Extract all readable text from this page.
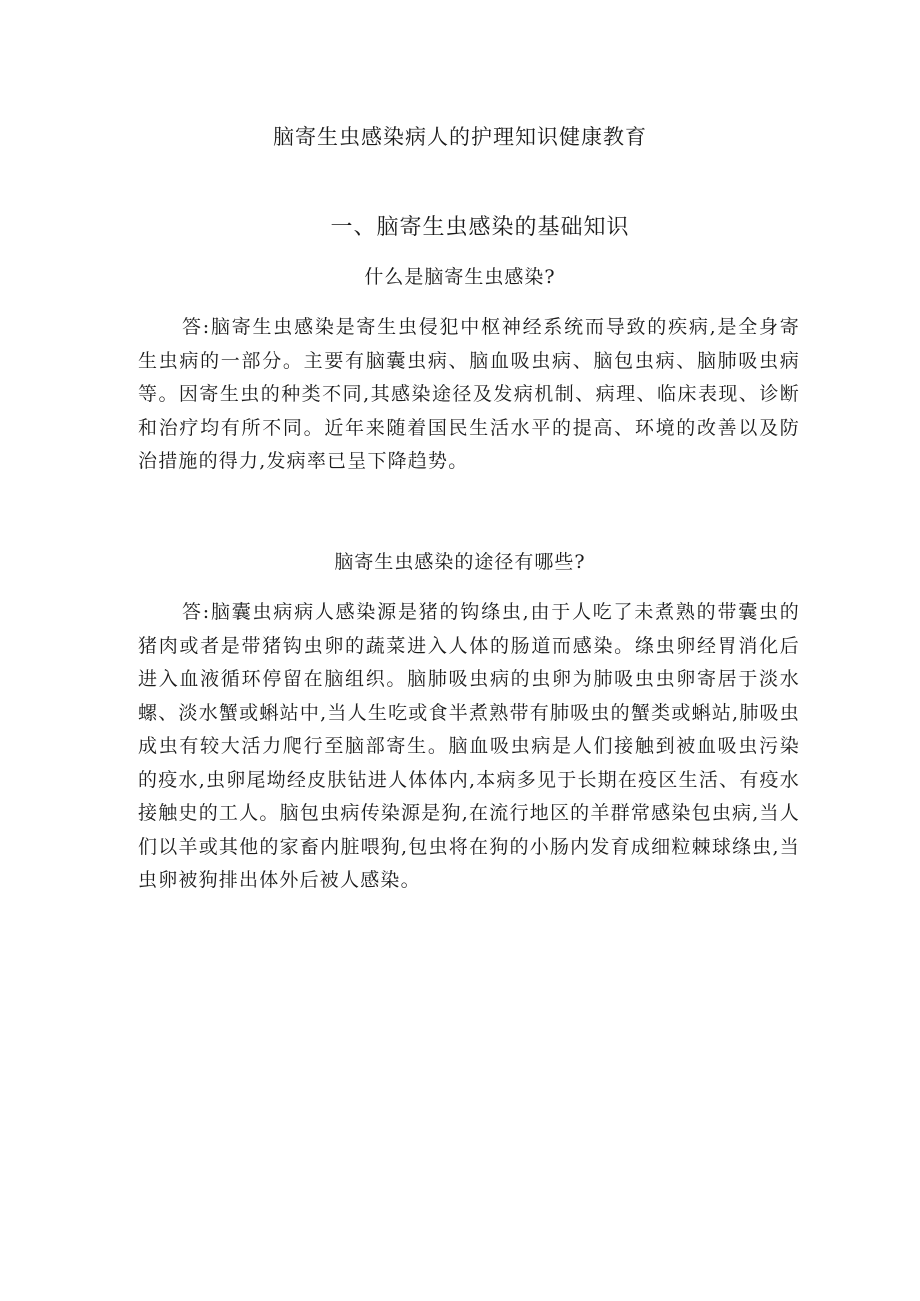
脑寄生虫感染病人的护理知识健康教育
一、脑寄生虫感染的基础知识
什么是脑寄生虫感染?

答:脑寄生虫感染是寄生虫侵犯中枢神经系统而导致的疾病,是全身寄生虫病的一部分。主要有脑囊虫病、脑血吸虫病、脑包虫病、脑肺吸虫病等。因寄生虫的种类不同,其感染途径及发病机制、病理、临床表现、诊断和治疗均有所不同。近年来随着国民生活水平的提高、环境的改善以及防治措施的得力,发病率已呈下降趋势。

脑寄生虫感染的途径有哪些?

答:脑囊虫病病人感染源是猪的钩绦虫,由于人吃了未煮熟的带囊虫的猪肉或者是带猪钩虫卵的蔬菜进入人体的肠道而感染。绦虫卵经胃消化后进入血液循环停留在脑组织。脑肺吸虫病的虫卵为肺吸虫虫卵寄居于淡水螺、淡水蟹或蝌站中,当人生吃或食半煮熟带有肺吸虫的蟹类或蝌站,肺吸虫成虫有较大活力爬行至脑部寄生。脑血吸虫病是人们接触到被血吸虫污染的疫水,虫卵尾坳经皮肤钻进人体体内,本病多见于长期在疫区生活、有疫水接触史的工人。脑包虫病传染源是狗,在流行地区的羊群常感染包虫病,当人们以羊或其他的家畜内脏喂狗,包虫将在狗的小肠内发育成细粒棘球绦虫,当虫卵被狗排出体外后被人感染。
